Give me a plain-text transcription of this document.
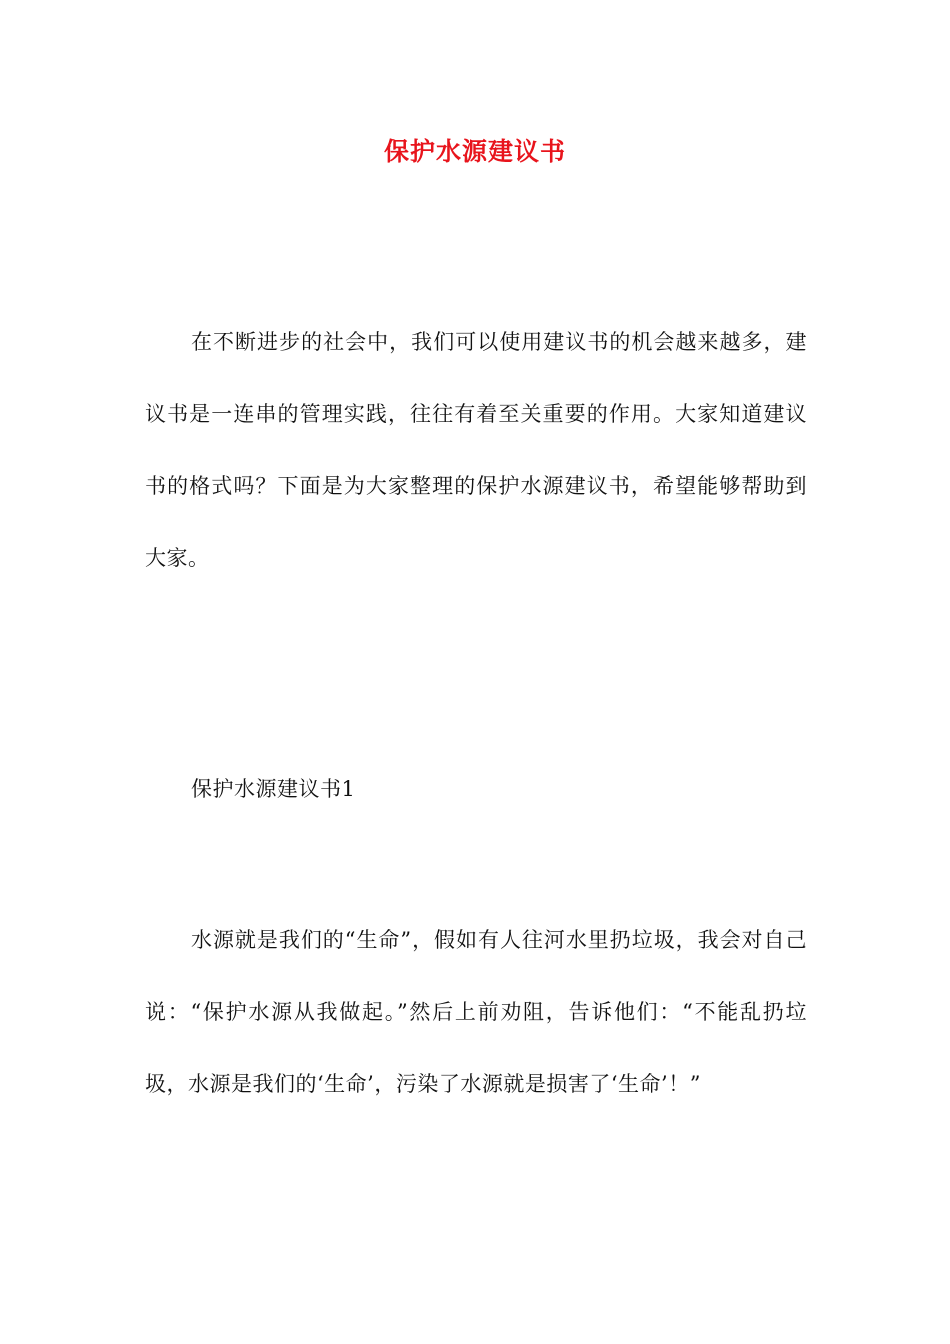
保护水源建议书

在不断进步的社会中，我们可以使用建议书的机会越来越多，建议书是一连串的管理实践，往往有着至关重要的作用。大家知道建议书的格式吗？下面是为大家整理的保护水源建议书，希望能够帮助到大家。

保护水源建议书1

水源就是我们的“生命”，假如有人往河水里扔垃圾，我会对自己说：“保护水源从我做起。”然后上前劝阻，告诉他们：“不能乱扔垃圾，水源是我们的‘生命’，污染了水源就是损害了‘生命’！”
